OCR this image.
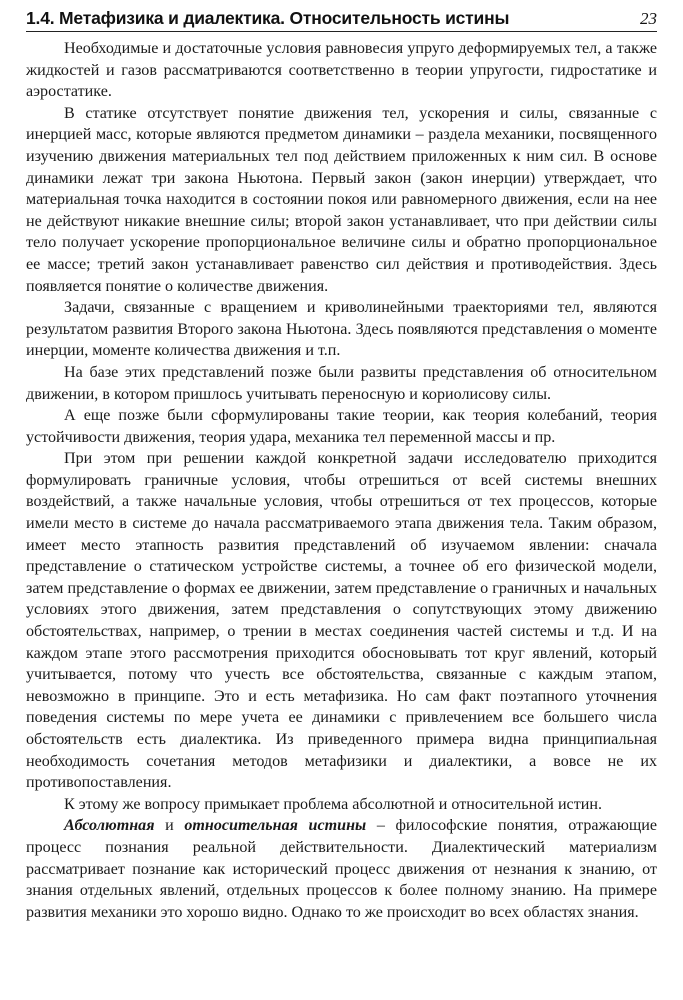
1.4. Метафизика и диалектика. Относительность истины	23

Необходимые и достаточные условия равновесия упруго деформируемых тел, а также жидкостей и газов рассматриваются соответственно в теории упругости, гидростатике и аэростатике.

В статике отсутствует понятие движения тел, ускорения и силы, связанные с инерцией масс, которые являются предметом динамики – раздела механики, посвященного изучению движения материальных тел под действием приложенных к ним сил. В основе динамики лежат три закона Ньютона. Первый закон (закон инерции) утверждает, что материальная точка находится в состоянии покоя или равномерного движения, если на нее не действуют никакие внешние силы; второй закон устанавливает, что при действии силы тело получает ускорение пропорциональное величине силы и обратно пропорциональное ее массе; третий закон устанавливает равенство сил действия и противодействия. Здесь появляется понятие о количестве движения.

Задачи, связанные с вращением и криволинейными траекториями тел, являются результатом развития Второго закона Ньютона. Здесь появляются представления о моменте инерции, моменте количества движения и т.п.

На базе этих представлений позже были развиты представления об относительном движении, в котором пришлось учитывать переносную и кориолисову силы.

А еще позже были сформулированы такие теории, как теория колебаний, теория устойчивости движения, теория удара, механика тел переменной массы и пр.

При этом при решении каждой конкретной задачи исследователю приходится формулировать граничные условия, чтобы отрешиться от всей системы внешних воздействий, а также начальные условия, чтобы отрешиться от тех процессов, которые имели место в системе до начала рассматриваемого этапа движения тела. Таким образом, имеет место этапность развития представлений об изучаемом явлении: сначала представление о статическом устройстве системы, а точнее об его физической модели, затем представление о формах ее движении, затем представление о граничных и начальных условиях этого движения, затем представления о сопутствующих этому движению обстоятельствах, например, о трении в местах соединения частей системы и т.д. И на каждом этапе этого рассмотрения приходится обосновывать тот круг явлений, который учитывается, потому что учесть все обстоятельства, связанные с каждым этапом, невозможно в принципе. Это и есть метафизика. Но сам факт поэтапного уточнения поведения системы по мере учета ее динамики с привлечением все большего числа обстоятельств есть диалектика. Из приведенного примера видна принципиальная необходимость сочетания методов метафизики и диалектики, а вовсе не их противопоставления.

К этому же вопросу примыкает проблема абсолютной и относительной истин.

Абсолютная и относительная истины – философские понятия, отражающие процесс познания реальной действительности. Диалектический материализм рассматривает познание как исторический процесс движения от незнания к знанию, от знания отдельных явлений, отдельных процессов к более полному знанию. На примере развития механики это хорошо видно. Однако то же происходит во всех областях знания.
